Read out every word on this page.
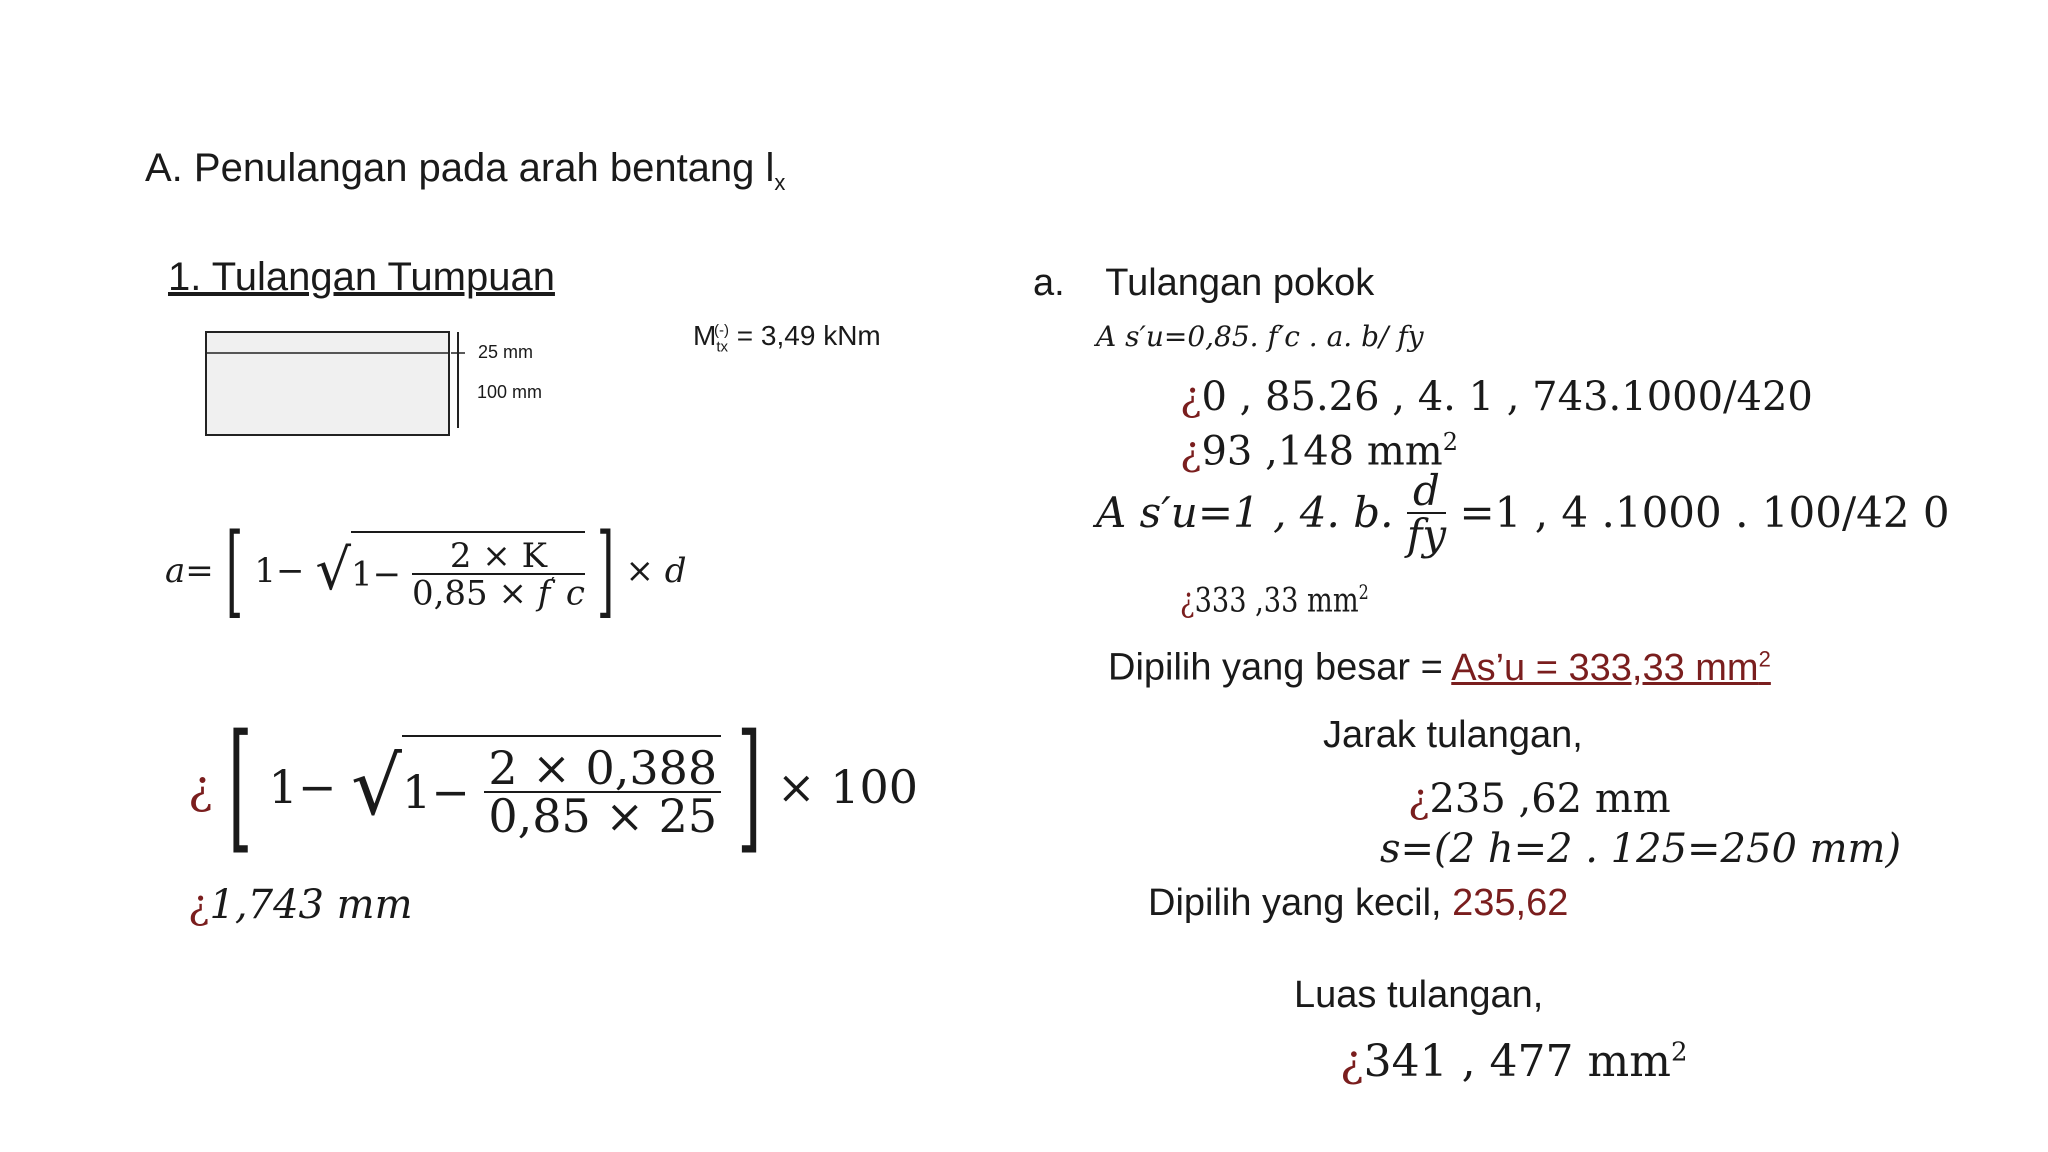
A. Penulangan pada arah bentang $l_x$
1. Tulangan Tumpuan
25 mm
100 mm
$M_{tx}^{(-)} = 3,49$ kNm
a= [ $1- √1- \frac{2 \times K}{0,85 \times f' c}$ ] × d
¿ [ $1- √1- \frac{2 \times 0,388}{0,85 \times 25}$ ] × 100
¿1,743 mm
a. Tulangan pokok
A s′u=0,85. f′c . a. b/ fy
¿0 , 85.26 , 4. 1 , 743.1000/420
¿93 ,148 $mm^2$
A s′u=1 , 4. b. $\frac{d}{fy} =1$ , 4 .1000 . 100/42 0
¿333 ,33 $mm^2$
Dipilih yang besar = As’u = 333,33 $mm^2$
Jarak tulangan,
¿235 ,62 mm
s=(2 h=2 . 125=250 mm)
Dipilih yang kecil, 235,62
Luas tulangan,
¿341 , 477 $mm^2$
